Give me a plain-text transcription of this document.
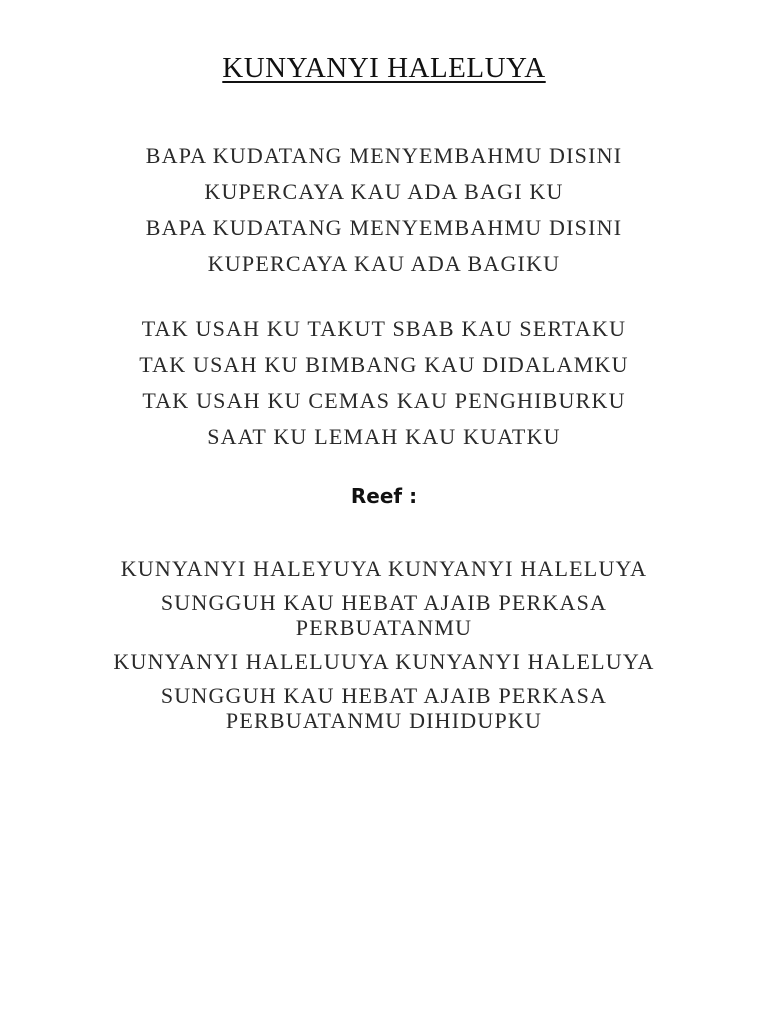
KUNYANYI HALELUYA
BAPA KUDATANG MENYEMBAHMU DISINI
KUPERCAYA KAU ADA BAGI KU
BAPA KUDATANG MENYEMBAHMU DISINI
KUPERCAYA KAU ADA BAGIKU
TAK USAH KU TAKUT SBAB KAU SERTAKU
TAK USAH KU BIMBANG KAU DIDALAMKU
TAK USAH KU CEMAS KAU PENGHIBURKU
SAAT KU LEMAH KAU KUATKU
Reef :
KUNYANYI HALEYUYA KUNYANYI HALELUYA
SUNGGUH KAU HEBAT AJAIB PERKASA
PERBUATANMU
KUNYANYI HALELUUYA KUNYANYI HALELUYA
SUNGGUH KAU HEBAT AJAIB PERKASA
PERBUATANMU DIHIDUPKU
